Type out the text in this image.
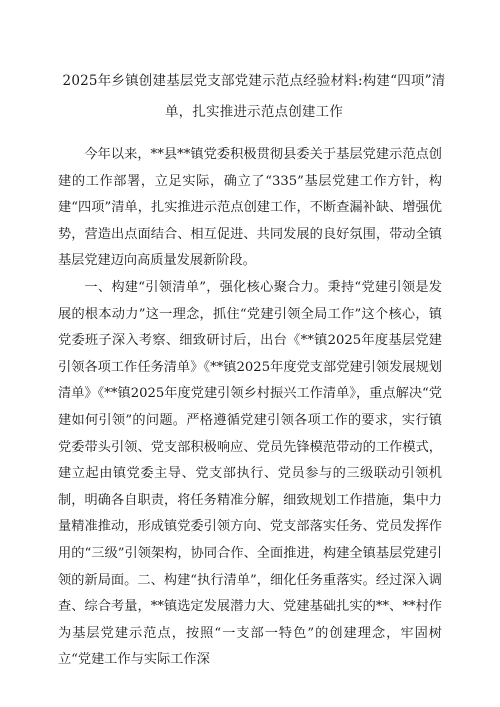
2025年乡镇创建基层党支部党建示范点经验材料:构建“四项”清单，扎实推进示范点创建工作

今年以来，**县**镇党委积极贯彻县委关于基层党建示范点创建的工作部署，立足实际，确立了“335”基层党建工作方针，构建“四项”清单，扎实推进示范点创建工作，不断查漏补缺、增强优势，营造出点面结合、相互促进、共同发展的良好氛围，带动全镇基层党建迈向高质量发展新阶段。

一、构建“引领清单”，强化核心聚合力。秉持“党建引领是发展的根本动力”这一理念，抓住“党建引领全局工作”这个核心，镇党委班子深入考察、细致研讨后，出台《**镇2025年度基层党建引领各项工作任务清单》《**镇2025年度党支部党建引领发展规划清单》《**镇2025年度党建引领乡村振兴工作清单》，重点解决“党建如何引领”的问题。严格遵循党建引领各项工作的要求，实行镇党委带头引领、党支部积极响应、党员先锋模范带动的工作模式，建立起由镇党委主导、党支部执行、党员参与的三级联动引领机制，明确各自职责，将任务精准分解，细致规划工作措施，集中力量精准推动，形成镇党委引领方向、党支部落实任务、党员发挥作用的“三级”引领架构，协同合作、全面推进，构建全镇基层党建引领的新局面。二、构建“执行清单”，细化任务重落实。经过深入调查、综合考量，**镇选定发展潜力大、党建基础扎实的**、**村作为基层党建示范点，按照“一支部一特色”的创建理念，牢固树立“党建工作与实际工作深
